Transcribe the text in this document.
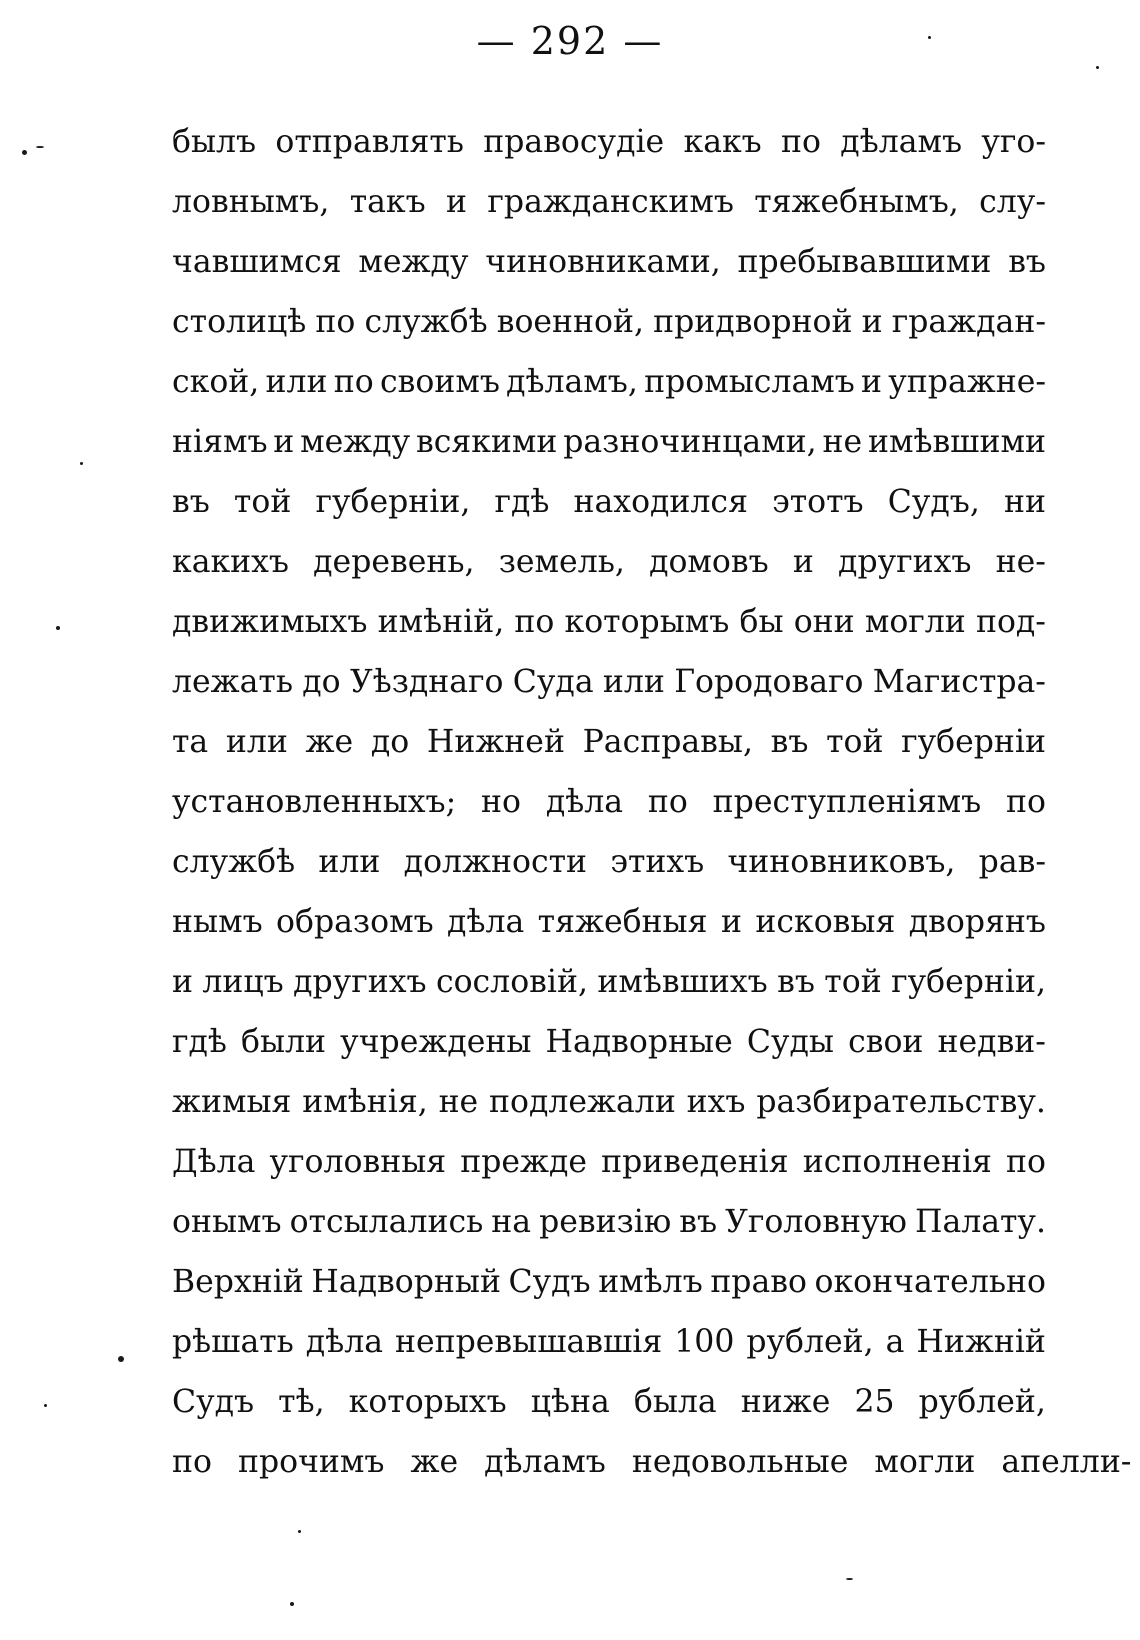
— 292 —
былъ отправлять правосудіе какъ по дѣламъ уго-
ловнымъ, такъ и гражданскимъ тяжебнымъ, слу-
чавшимся между чиновниками, пребывавшими въ
столицѣ по службѣ военной, придворной и граждан-
ской, или по своимъ дѣламъ, промысламъ и упражне-
ніямъ и между всякими разночинцами, не имѣвшими
въ той губерніи, гдѣ находился этотъ Судъ, ни
какихъ деревень, земель, домовъ и другихъ не-
движимыхъ имѣній, по которымъ бы они могли под-
лежать до Уѣзднаго Суда или Городоваго Магистра-
та или же до Нижней Расправы, въ той губерніи
установленныхъ; но дѣла по преступленіямъ по
службѣ или должности этихъ чиновниковъ, рав-
нымъ образомъ дѣла тяжебныя и исковыя дворянъ
и лицъ другихъ сословій, имѣвшихъ въ той губерніи,
гдѣ были учреждены Надворные Суды свои недви-
жимыя имѣнія, не подлежали ихъ разбирательству.
Дѣла уголовныя прежде приведенія исполненія по
онымъ отсылались на ревизію въ Уголовную Палату.
Верхній Надворный Судъ имѣлъ право окончательно
рѣшать дѣла непревышавшія 100 рублей, а Нижній
Судъ тѣ, которыхъ цѣна была ниже 25 рублей,
по прочимъ же дѣламъ недовольные могли апелли-
